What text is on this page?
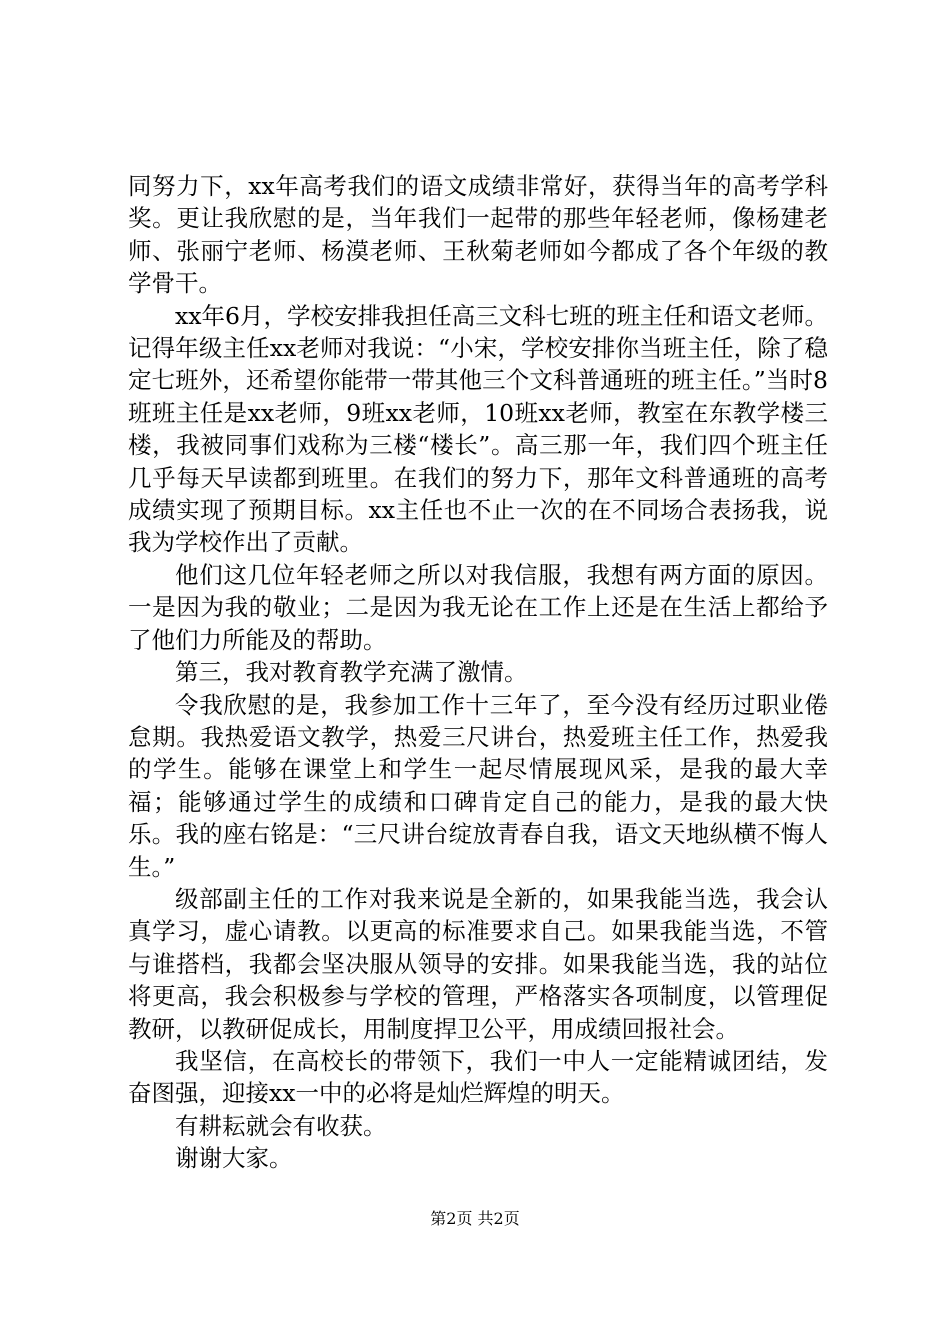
同努力下，xx年高考我们的语文成绩非常好，获得当年的高考学科奖。更让我欣慰的是，当年我们一起带的那些年轻老师，像杨建老师、张丽宁老师、杨漠老师、王秋菊老师如今都成了各个年级的教学骨干。

xx年6月，学校安排我担任高三文科七班的班主任和语文老师。记得年级主任xx老师对我说：“小宋，学校安排你当班主任，除了稳定七班外，还希望你能带一带其他三个文科普通班的班主任。”当时8班班主任是xx老师，9班xx老师，10班xx老师，教室在东教学楼三楼，我被同事们戏称为三楼“楼长”。高三那一年，我们四个班主任几乎每天早读都到班里。在我们的努力下，那年文科普通班的高考成绩实现了预期目标。xx主任也不止一次的在不同场合表扬我，说我为学校作出了贡献。

他们这几位年轻老师之所以对我信服，我想有两方面的原因。一是因为我的敬业；二是因为我无论在工作上还是在生活上都给予了他们力所能及的帮助。

第三，我对教育教学充满了激情。

令我欣慰的是，我参加工作十三年了，至今没有经历过职业倦怠期。我热爱语文教学，热爱三尺讲台，热爱班主任工作，热爱我的学生。能够在课堂上和学生一起尽情展现风采，是我的最大幸福；能够通过学生的成绩和口碑肯定自己的能力，是我的最大快乐。我的座右铭是：“三尺讲台绽放青春自我，语文天地纵横不悔人生。”

级部副主任的工作对我来说是全新的，如果我能当选，我会认真学习，虚心请教。以更高的标准要求自己。如果我能当选，不管与谁搭档，我都会坚决服从领导的安排。如果我能当选，我的站位将更高，我会积极参与学校的管理，严格落实各项制度，以管理促教研，以教研促成长，用制度捍卫公平，用成绩回报社会。

我坚信，在高校长的带领下，我们一中人一定能精诚团结，发奋图强，迎接xx一中的必将是灿烂辉煌的明天。

有耕耘就会有收获。

谢谢大家。

第2页 共2页
